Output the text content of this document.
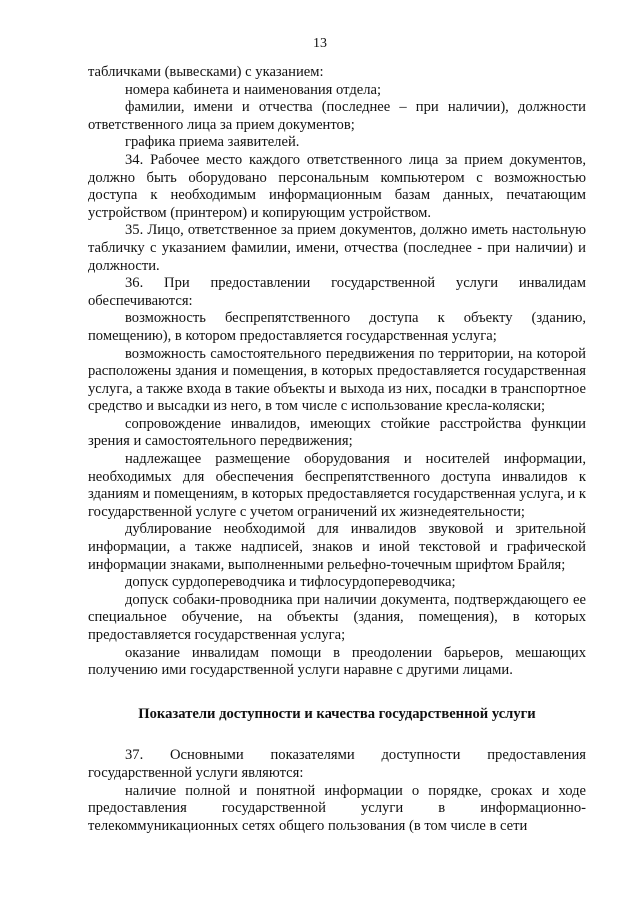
13

табличками (вывесками) с указанием:

номера кабинета и наименования отдела;

фамилии, имени и отчества (последнее – при наличии), должности ответственного лица за прием документов;

графика приема заявителей.

34. Рабочее место каждого ответственного лица за прием документов, должно быть оборудовано персональным компьютером с возможностью доступа к необходимым информационным базам данных, печатающим устройством (принтером) и копирующим устройством.

35. Лицо, ответственное за прием документов, должно иметь настольную табличку с указанием фамилии, имени, отчества (последнее - при наличии) и должности.

36. При предоставлении государственной услуги инвалидам обеспечиваются:

возможность беспрепятственного доступа к объекту (зданию, помещению), в котором предоставляется государственная услуга;

возможность самостоятельного передвижения по территории, на которой расположены здания и помещения, в которых предоставляется государственная услуга, а также входа в такие объекты и выхода из них, посадки в транспортное средство и высадки из него, в том числе с использование кресла-коляски;

сопровождение инвалидов, имеющих стойкие расстройства функции зрения и самостоятельного передвижения;

надлежащее размещение оборудования и носителей информации, необходимых для обеспечения беспрепятственного доступа инвалидов к зданиям и помещениям, в которых предоставляется государственная услуга, и к государственной услуге с учетом ограничений их жизнедеятельности;

дублирование необходимой для инвалидов звуковой и зрительной информации, а также надписей, знаков и иной текстовой и графической информации знаками, выполненными рельефно-точечным шрифтом Брайля;

допуск сурдопереводчика и тифлосурдопереводчика;

допуск собаки-проводника при наличии документа, подтверждающего ее специальное обучение, на объекты (здания, помещения), в которых предоставляется государственная услуга;

оказание инвалидам помощи в преодолении барьеров, мешающих получению ими государственной услуги наравне с другими лицами.

Показатели доступности и качества государственной услуги

37. Основными показателями доступности предоставления государственной услуги являются:

наличие полной и понятной информации о порядке, сроках и ходе предоставления государственной услуги в информационно-телекоммуникационных сетях общего пользования (в том числе в сети
